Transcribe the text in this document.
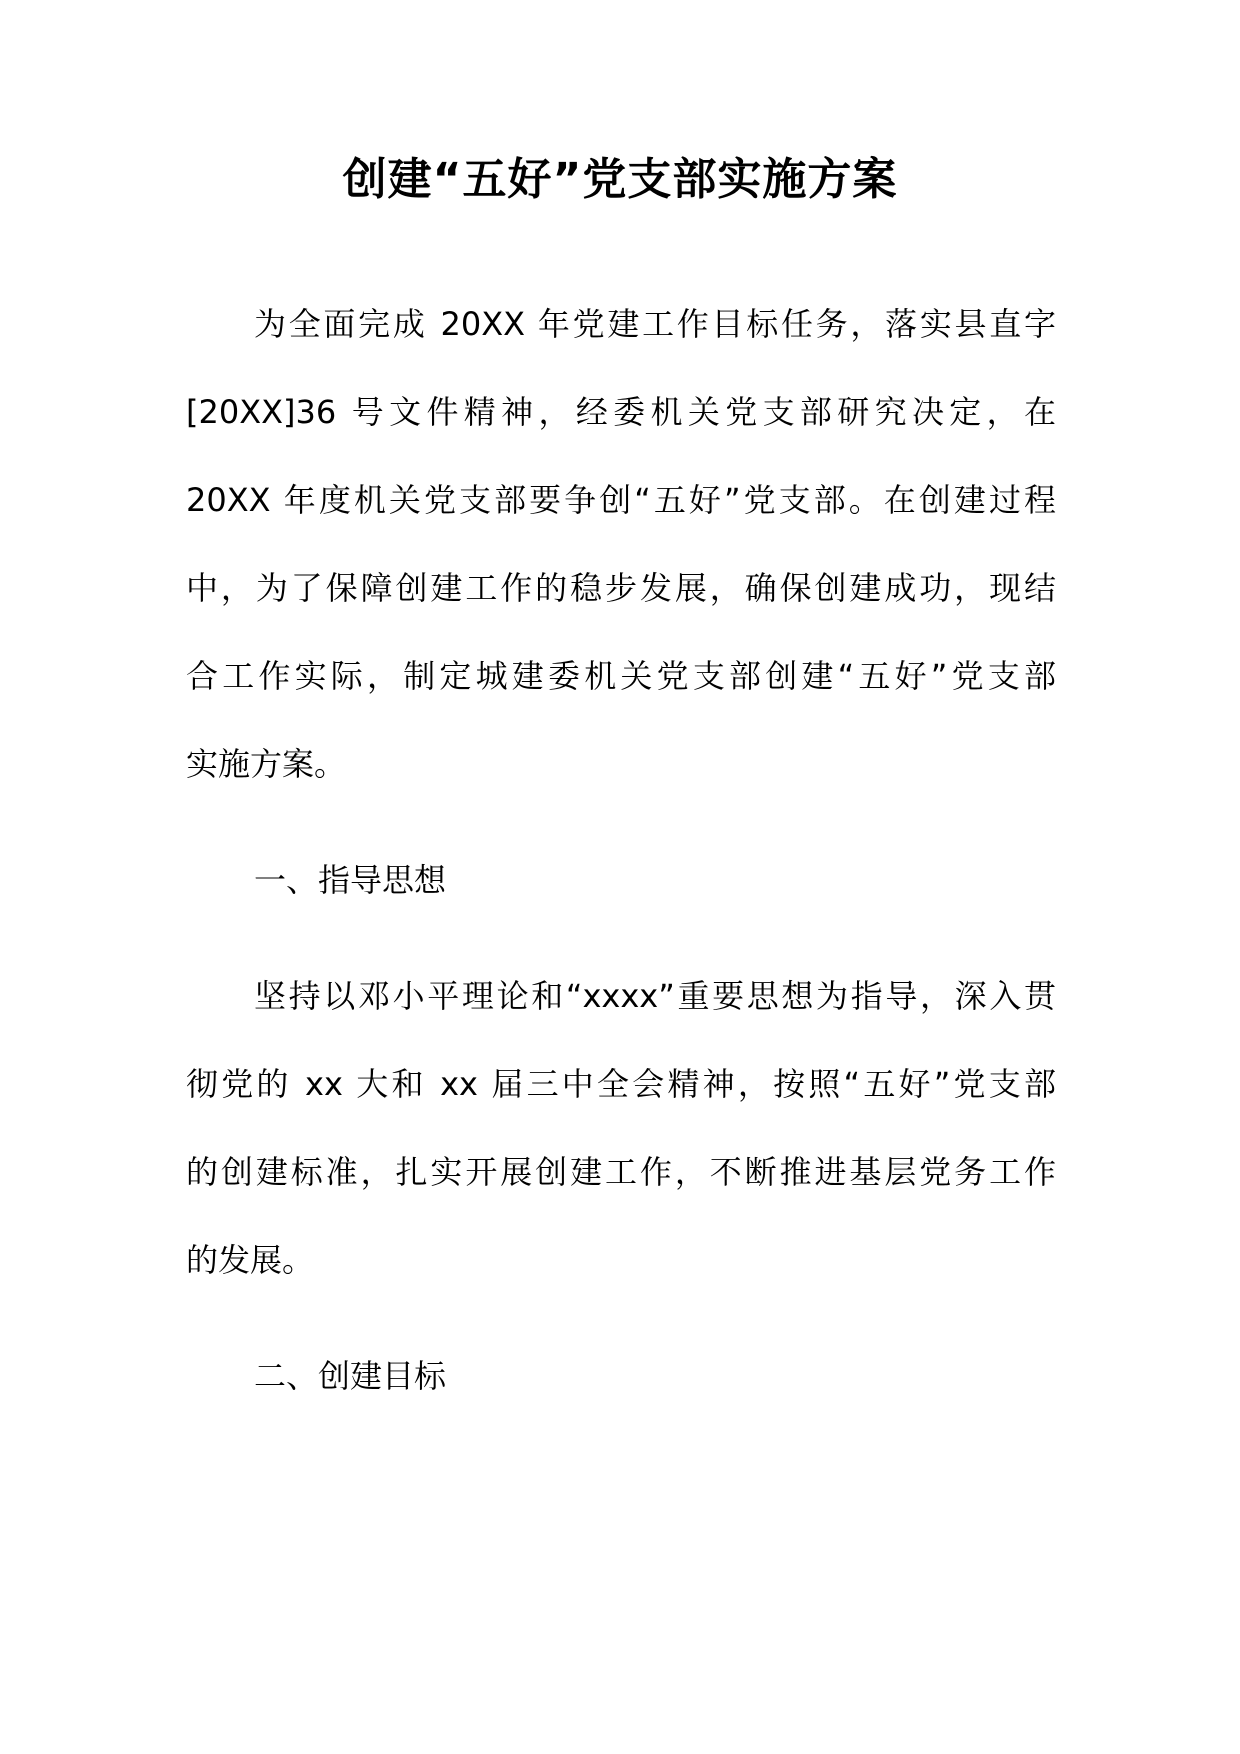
创建“五好”党支部实施方案
为全面完成 20XX 年党建工作目标任务，落实县直字
[20XX]36 号文件精神，经委机关党支部研究决定，在
20XX 年度机关党支部要争创“五好”党支部。在创建过程
中，为了保障创建工作的稳步发展，确保创建成功，现结
合工作实际，制定城建委机关党支部创建“五好”党支部
实施方案。
一、指导思想
坚持以邓小平理论和“xxxx”重要思想为指导，深入贯
彻党的 xx 大和 xx 届三中全会精神，按照“五好”党支部
的创建标准，扎实开展创建工作，不断推进基层党务工作
的发展。
二、创建目标
